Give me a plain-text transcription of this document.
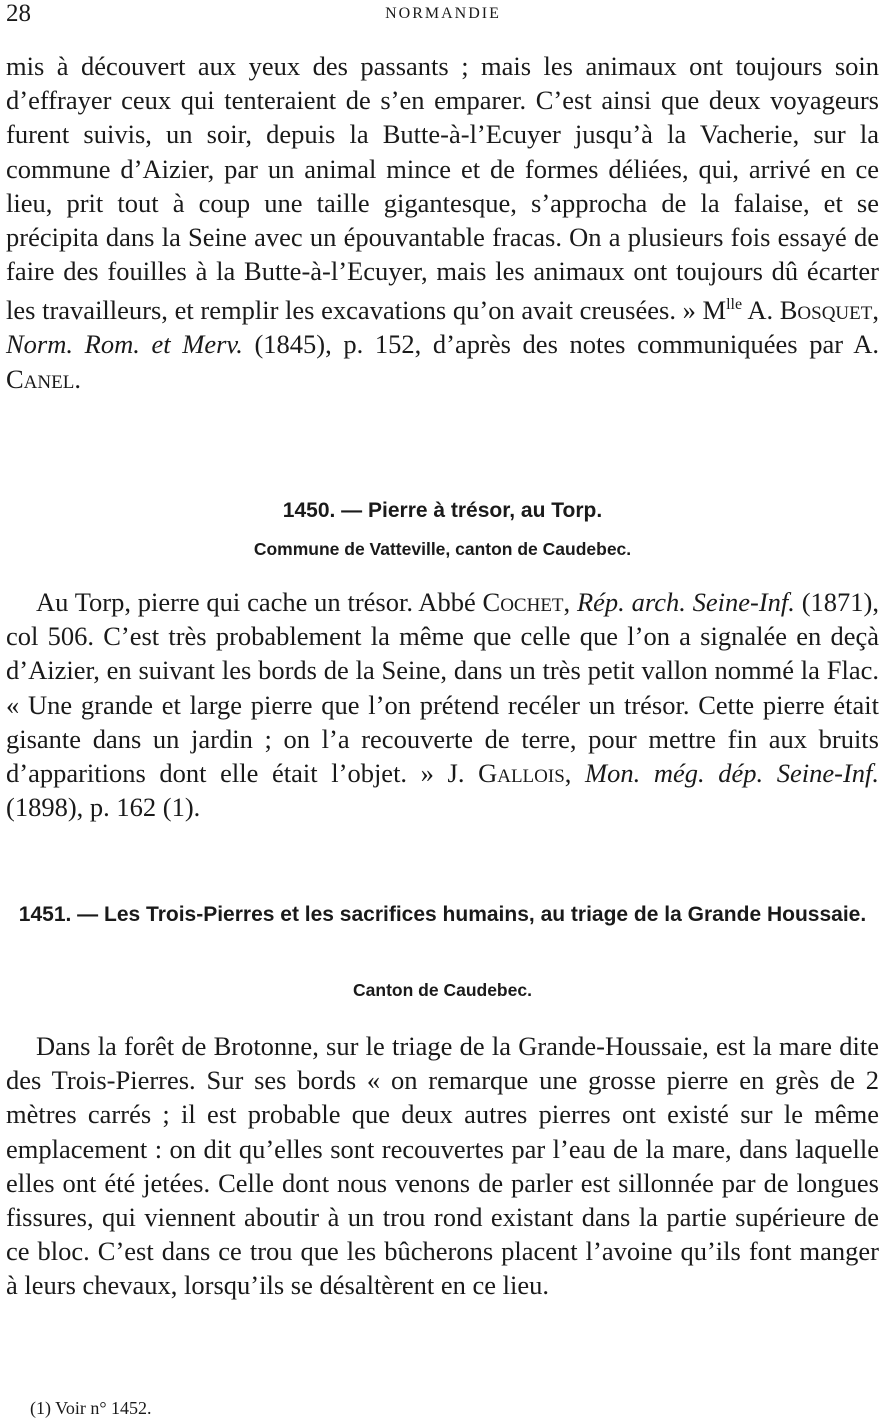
28	NORMANDIE

mis à découvert aux yeux des passants ; mais les animaux ont toujours soin d’effrayer ceux qui tenteraient de s’en emparer. C’est ainsi que deux voyageurs furent suivis, un soir, depuis la Butte-à-l’Ecuyer jusqu’à la Vacherie, sur la commune d’Aizier, par un animal mince et de formes déliées, qui, arrivé en ce lieu, prit tout à coup une taille gigantesque, s’approcha de la falaise, et se précipita dans la Seine avec un épouvantable fracas. On a plusieurs fois essayé de faire des fouilles à la Butte-à-l’Ecuyer, mais les animaux ont toujours dû écarter les travailleurs, et remplir les excavations qu’on avait creusées. » $M^{lle}$ A. Bosquet, Norm. Rom. et Merv. (1845), p. 152, d’après des notes communiquées par A. Canel.

1450. — Pierre à trésor, au Torp.

Commune de Vatteville, canton de Caudebec.

Au Torp, pierre qui cache un trésor. Abbé Cochet, Rép. arch. Seine-Inf. (1871), col 506. C’est très probablement la même que celle que l’on a signalée en deçà d’Aizier, en suivant les bords de la Seine, dans un très petit vallon nommé la Flac. « Une grande et large pierre que l’on prétend recéler un trésor. Cette pierre était gisante dans un jardin ; on l’a recouverte de terre, pour mettre fin aux bruits d’apparitions dont elle était l’objet. » J. Gallois, Mon. még. dép. Seine-Inf. (1898), p. 162 (1).

1451. — Les Trois-Pierres et les sacrifices humains, au triage de la Grande Houssaie.

Canton de Caudebec.

Dans la forêt de Brotonne, sur le triage de la Grande-Houssaie, est la mare dite des Trois-Pierres. Sur ses bords « on remarque une grosse pierre en grès de 2 mètres carrés ; il est probable que deux autres pierres ont existé sur le même emplacement : on dit qu’elles sont recouvertes par l’eau de la mare, dans laquelle elles ont été jetées. Celle dont nous venons de parler est sillonnée par de longues fissures, qui viennent aboutir à un trou rond existant dans la partie supérieure de ce bloc. C’est dans ce trou que les bûcherons placent l’avoine qu’ils font manger à leurs chevaux, lorsqu’ils se désaltèrent en ce lieu.

(1) Voir n° 1452.
